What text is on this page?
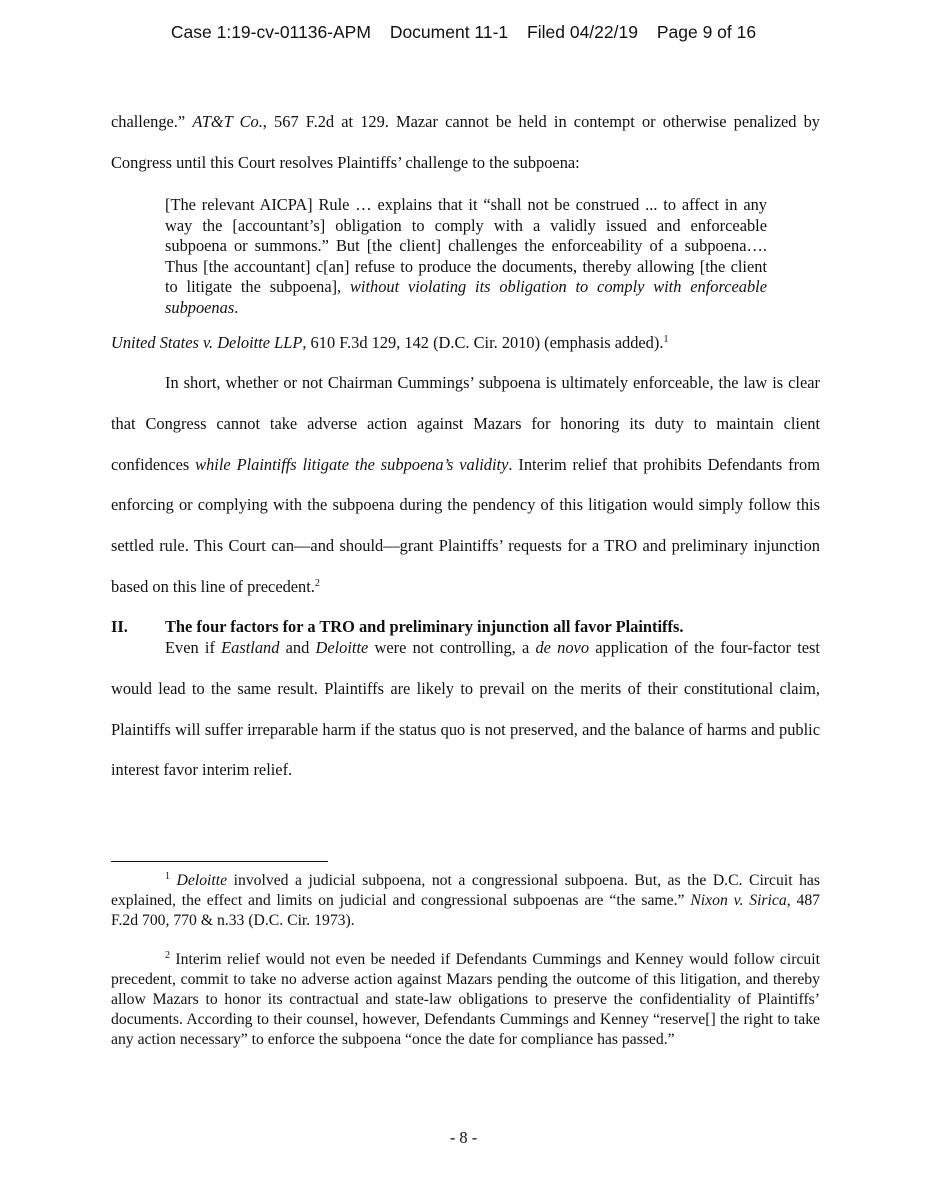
Case 1:19-cv-01136-APM Document 11-1 Filed 04/22/19 Page 9 of 16
challenge.” AT&T Co., 567 F.2d at 129. Mazar cannot be held in contempt or otherwise penalized by Congress until this Court resolves Plaintiffs’ challenge to the subpoena:
[The relevant AICPA] Rule … explains that it “shall not be construed ... to affect in any way the [accountant’s] obligation to comply with a validly issued and enforceable subpoena or summons.” But [the client] challenges the enforceability of a subpoena…. Thus [the accountant] c[an] refuse to produce the documents, thereby allowing [the client to litigate the subpoena], without violating its obligation to comply with enforceable subpoenas.
United States v. Deloitte LLP, 610 F.3d 129, 142 (D.C. Cir. 2010) (emphasis added).$^1$
In short, whether or not Chairman Cummings’ subpoena is ultimately enforceable, the law is clear that Congress cannot take adverse action against Mazars for honoring its duty to maintain client confidences while Plaintiffs litigate the subpoena’s validity. Interim relief that prohibits Defendants from enforcing or complying with the subpoena during the pendency of this litigation would simply follow this settled rule. This Court can—and should—grant Plaintiffs’ requests for a TRO and preliminary injunction based on this line of precedent.$^2$
II. The four factors for a TRO and preliminary injunction all favor Plaintiffs.
Even if Eastland and Deloitte were not controlling, a de novo application of the four-factor test would lead to the same result. Plaintiffs are likely to prevail on the merits of their constitutional claim, Plaintiffs will suffer irreparable harm if the status quo is not preserved, and the balance of harms and public interest favor interim relief.
$^1$ Deloitte involved a judicial subpoena, not a congressional subpoena. But, as the D.C. Circuit has explained, the effect and limits on judicial and congressional subpoenas are “the same.” Nixon v. Sirica, 487 F.2d 700, 770 & n.33 (D.C. Cir. 1973).
$^2$ Interim relief would not even be needed if Defendants Cummings and Kenney would follow circuit precedent, commit to take no adverse action against Mazars pending the outcome of this litigation, and thereby allow Mazars to honor its contractual and state-law obligations to preserve the confidentiality of Plaintiffs’ documents. According to their counsel, however, Defendants Cummings and Kenney “reserve[] the right to take any action necessary” to enforce the subpoena “once the date for compliance has passed.”
- 8 -
